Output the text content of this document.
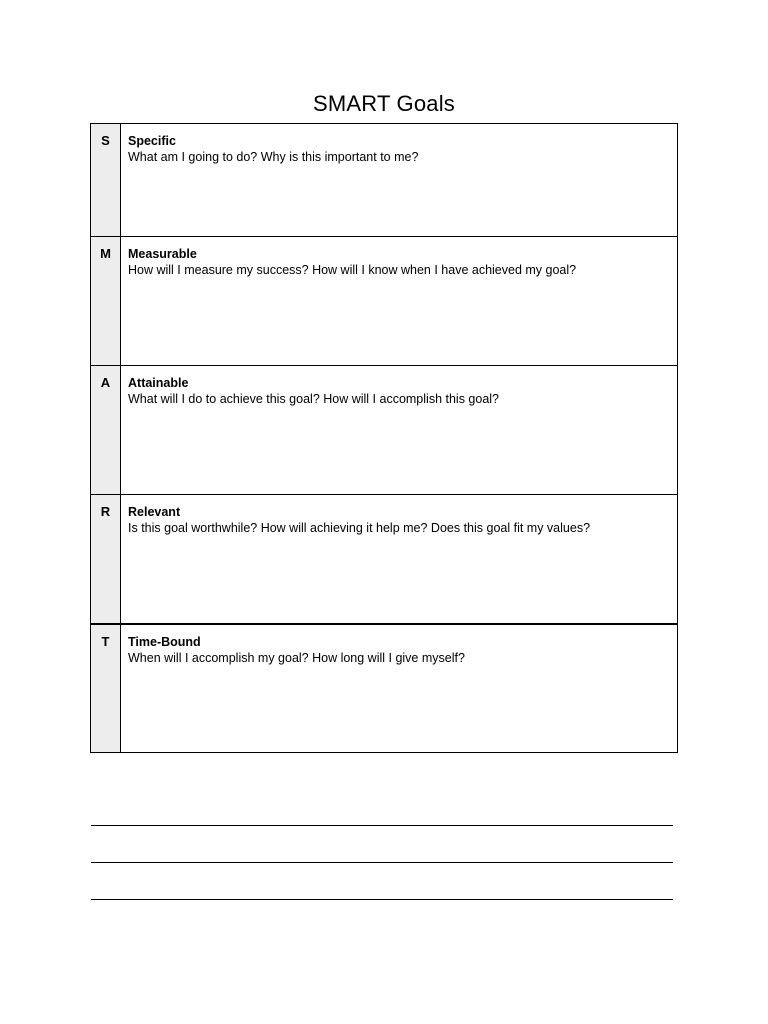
SMART Goals
S	Specific
What am I going to do? Why is this important to me?
M	Measurable
How will I measure my success? How will I know when I have achieved my goal?
A	Attainable
What will I do to achieve this goal? How will I accomplish this goal?
R	Relevant
Is this goal worthwhile? How will achieving it help me? Does this goal fit my values?
T	Time-Bound
When will I accomplish my goal? How long will I give myself?
